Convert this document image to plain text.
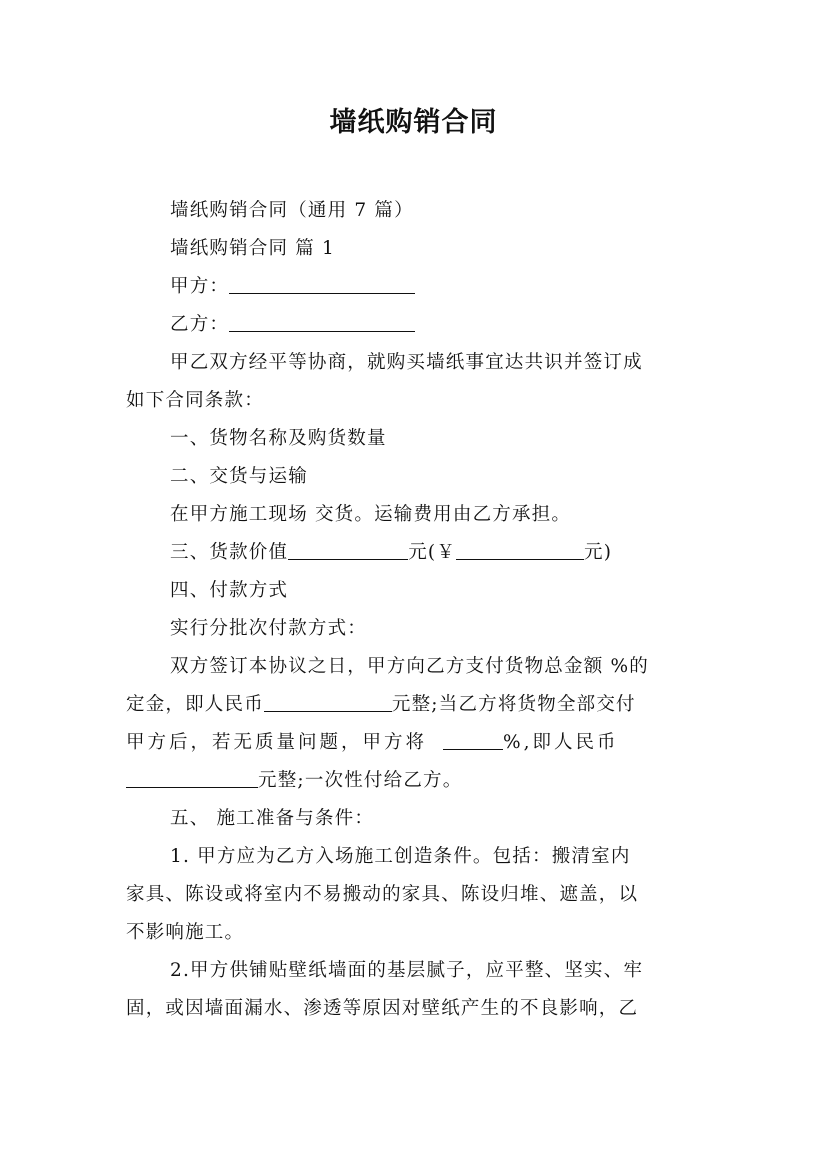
墙纸购销合同
墙纸购销合同（通用 7 篇）
墙纸购销合同 篇 1
甲方：
乙方：
甲乙双方经平等协商，就购买墙纸事宜达共识并签订成
如下合同条款：
一、货物名称及购货数量
二、交货与运输
在甲方施工现场 交货。运输费用由乙方承担。
三、货款价值	元(￥	元)
四、付款方式
实行分批次付款方式：
双方签订本协议之日，甲方向乙方支付货物总金额 %的
定金，即人民币	元整;当乙方将货物全部交付
甲方后，若无质量问题，甲方将	%,即人民币
元整;一次性付给乙方。
五、 施工准备与条件：
1. 甲方应为乙方入场施工创造条件。包括：搬清室内
家具、陈设或将室内不易搬动的家具、陈设归堆、遮盖，以
不影响施工。
2.甲方供铺贴壁纸墙面的基层腻子，应平整、坚实、牢
固，或因墙面漏水、渗透等原因对壁纸产生的不良影响，乙
